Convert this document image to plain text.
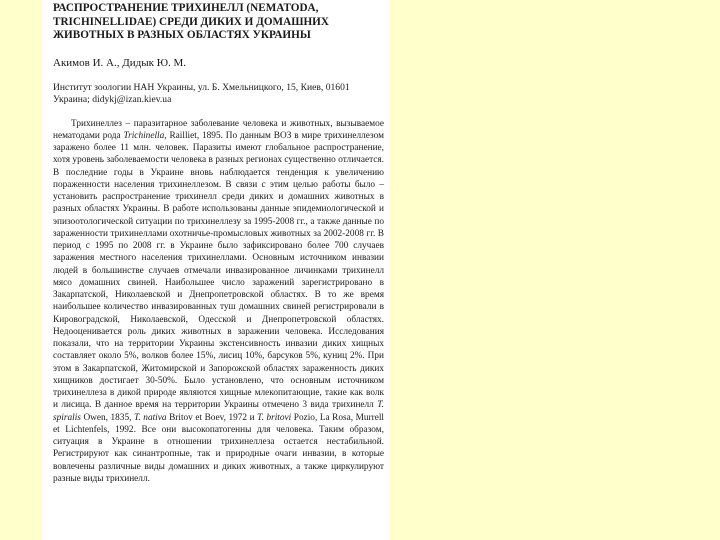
РАСПРОСТРАНЕНИЕ ТРИХИНЕЛЛ (NEMATODA, TRICHINELLIDAE) СРЕДИ ДИКИХ И ДОМАШНИХ ЖИВОТНЫХ В РАЗНЫХ ОБЛАСТЯХ УКРАИНЫ
Акимов И. А., Дидык Ю. М.
Институт зоологии НАН Украины, ул. Б. Хмельницкого, 15, Киев, 01601
Украина; didykj@izan.kiev.ua

Трихинеллез – паразитарное заболевание человека и животных, вызываемое нематодами рода Trichinella, Railliet, 1895. По данным ВОЗ в мире трихинеллезом заражено более 11 млн. человек. Паразиты имеют глобальное распространение, хотя уровень заболеваемости человека в разных регионах существенно отличается. В последние годы в Украине вновь наблюдается тенденция к увеличению пораженности населения трихинеллезом. В связи с этим целью работы было – установить распространение трихинелл среди диких и домашних животных в разных областях Украины. В работе использованы данные эпидемиологической и эпизоотологической ситуации по трихинеллезу за 1995-2008 гг., а также данные по зараженности трихинеллами охотничье-промысловых животных за 2002-2008 гг. В период с 1995 по 2008 гг. в Украине было зафиксировано более 700 случаев заражения местного населения трихинеллами. Основным источником инвазии людей в большинстве случаев отмечали инвазированное личинками трихинелл мясо домашних свиней. Наибольшее число заражений зарегистрировано в Закарпатской, Николаевской и Днепропетровской областях. В то же время наибольшее количество инвазированных туш домашних свиней регистрировали в Кировоградской, Николаевской, Одесской и Днепропетровской областях. Недооценивается роль диких животных в заражении человека. Исследования показали, что на территории Украины экстенсивность инвазии диких хищных составляет около 5%, волков более 15%, лисиц 10%, барсуков 5%, куниц 2%. При этом в Закарпатской, Житомирской и Запорожской областях зараженность диких хищников достигает 30-50%. Было установлено, что основным источником трихинеллеза в дикой природе являются хищные млекопитающие, такие как волк и лисица. В данное время на территории Украины отмечено 3 вида трихинелл T. spiralis Owen, 1835, T. nativa Britov et Boev, 1972 и T. britovi Pozio, La Rosa, Murrell et Lichtenfels, 1992. Все они высокопатогенны для человека. Таким образом, ситуация в Украине в отношении трихинеллеза остается нестабильной. Регистрируют как синантропные, так и природные очаги инвазии, в которые вовлечены различные виды домашних и диких животных, а также циркулируют разные виды трихинелл.
